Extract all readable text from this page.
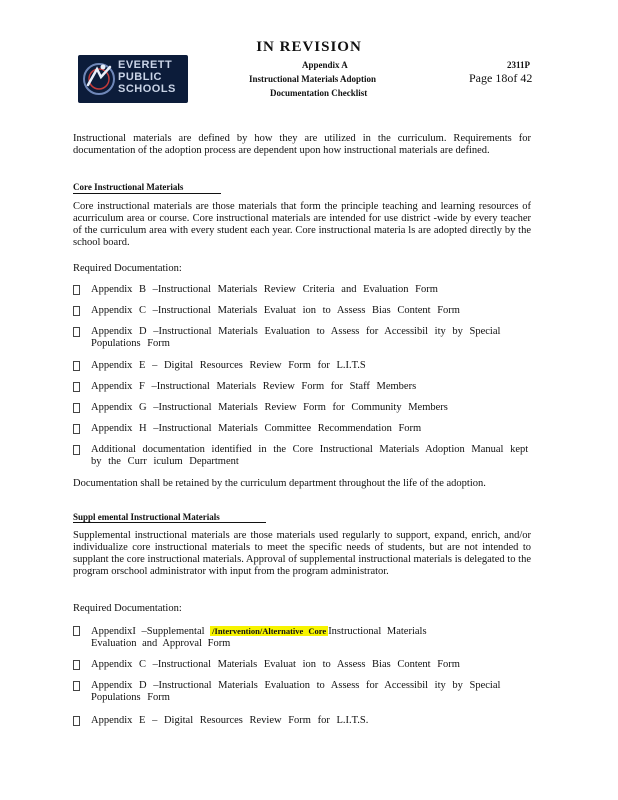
IN REVISION
Appendix A	2311P
Instructional Materials Adoption	Page 18of 42
Documentation Checklist
EVERETT
PUBLIC
SCHOOLS
Instructional materials are defined by how they are utilized in the curriculum. Requirements for documentation of the adoption process are dependent upon how instructional materials are defined.
Core Instructional Materials
Core instructional materials are those materials that form the principle teaching and learning resources of acurriculum area or course. Core instructional materials are intended for use district -wide by every teacher of the curriculum area with every student each year. Core instructional materia ls are adopted directly by the school board.
Required Documentation:
Appendix B –Instructional Materials Review Criteria and Evaluation Form
Appendix C –Instructional Materials Evaluat ion to Assess Bias Content Form
Appendix D –Instructional Materials Evaluation to Assess for Accessibil ity by Special Populations Form
Appendix E – Digital Resources Review Form for L.I.T.S
Appendix F –Instructional Materials Review Form for Staff Members
Appendix G –Instructional Materials Review Form for Community Members
Appendix H –Instructional Materials Committee Recommendation Form
Additional documentation identified in the Core Instructional Materials Adoption Manual kept by the Curr iculum Department
Documentation shall be retained by the curriculum department throughout the life of the adoption.
Suppl emental Instructional Materials
Supplemental instructional materials are those materials used regularly to support, expand, enrich, and/or individualize core instructional materials to meet the specific needs of students, but are not intended to supplant the core instructional materials. Approval of supplemental instructional materials is delegated to the program orschool administrator with input from the program administrator.
Required Documentation:
AppendixI –Supplemental /Intervention/Alternative Core Instructional Materials
Evaluation and Approval Form
Appendix C –Instructional Materials Evaluat ion to Assess Bias Content Form
Appendix D –Instructional Materials Evaluation to Assess for Accessibil ity by Special Populations Form
Appendix E – Digital Resources Review Form for L.I.T.S.
